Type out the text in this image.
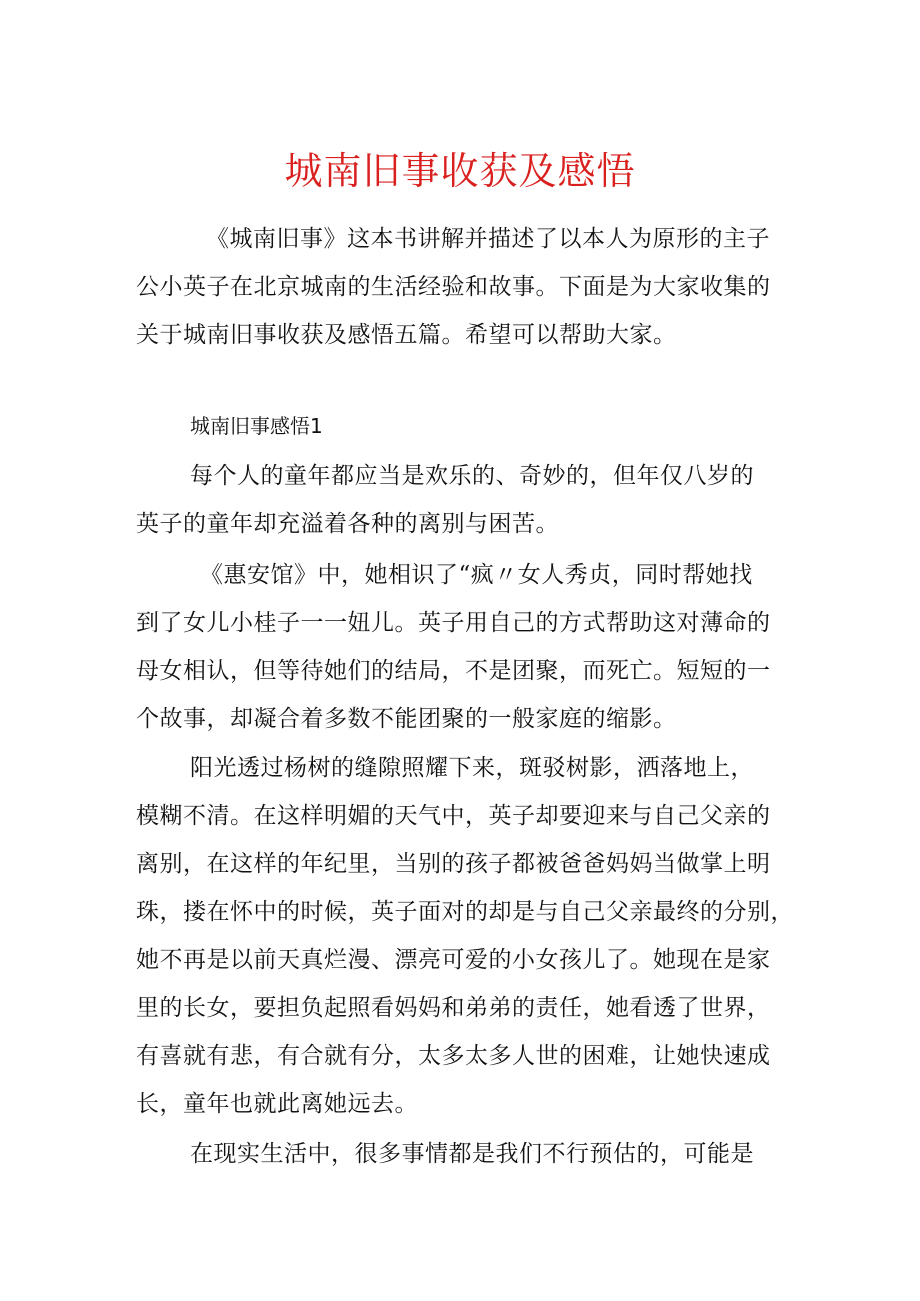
城南旧事收获及感悟
《城南旧事》这本书讲解并描述了以本人为原形的主子
公小英子在北京城南的生活经验和故事。下面是为大家收集的
关于城南旧事收获及感悟五篇。希望可以帮助大家。
城南旧事感悟1
每个人的童年都应当是欢乐的、奇妙的，但年仅八岁的
英子的童年却充溢着各种的离别与困苦。
《惠安馆》中，她相识了“疯〃女人秀贞，同时帮她找
到了女儿小桂子一一妞儿。英子用自己的方式帮助这对薄命的
母女相认，但等待她们的结局，不是团聚，而死亡。短短的一
个故事，却凝合着多数不能团聚的一般家庭的缩影。
阳光透过杨树的缝隙照耀下来，斑驳树影，洒落地上，
模糊不清。在这样明媚的天气中，英子却要迎来与自己父亲的
离别，在这样的年纪里，当别的孩子都被爸爸妈妈当做掌上明
珠，搂在怀中的时候，英子面对的却是与自己父亲最终的分别，
她不再是以前天真烂漫、漂亮可爱的小女孩儿了。她现在是家
里的长女，要担负起照看妈妈和弟弟的责任，她看透了世界，
有喜就有悲，有合就有分，太多太多人世的困难，让她快速成
长，童年也就此离她远去。
在现实生活中，很多事情都是我们不行预估的，可能是
